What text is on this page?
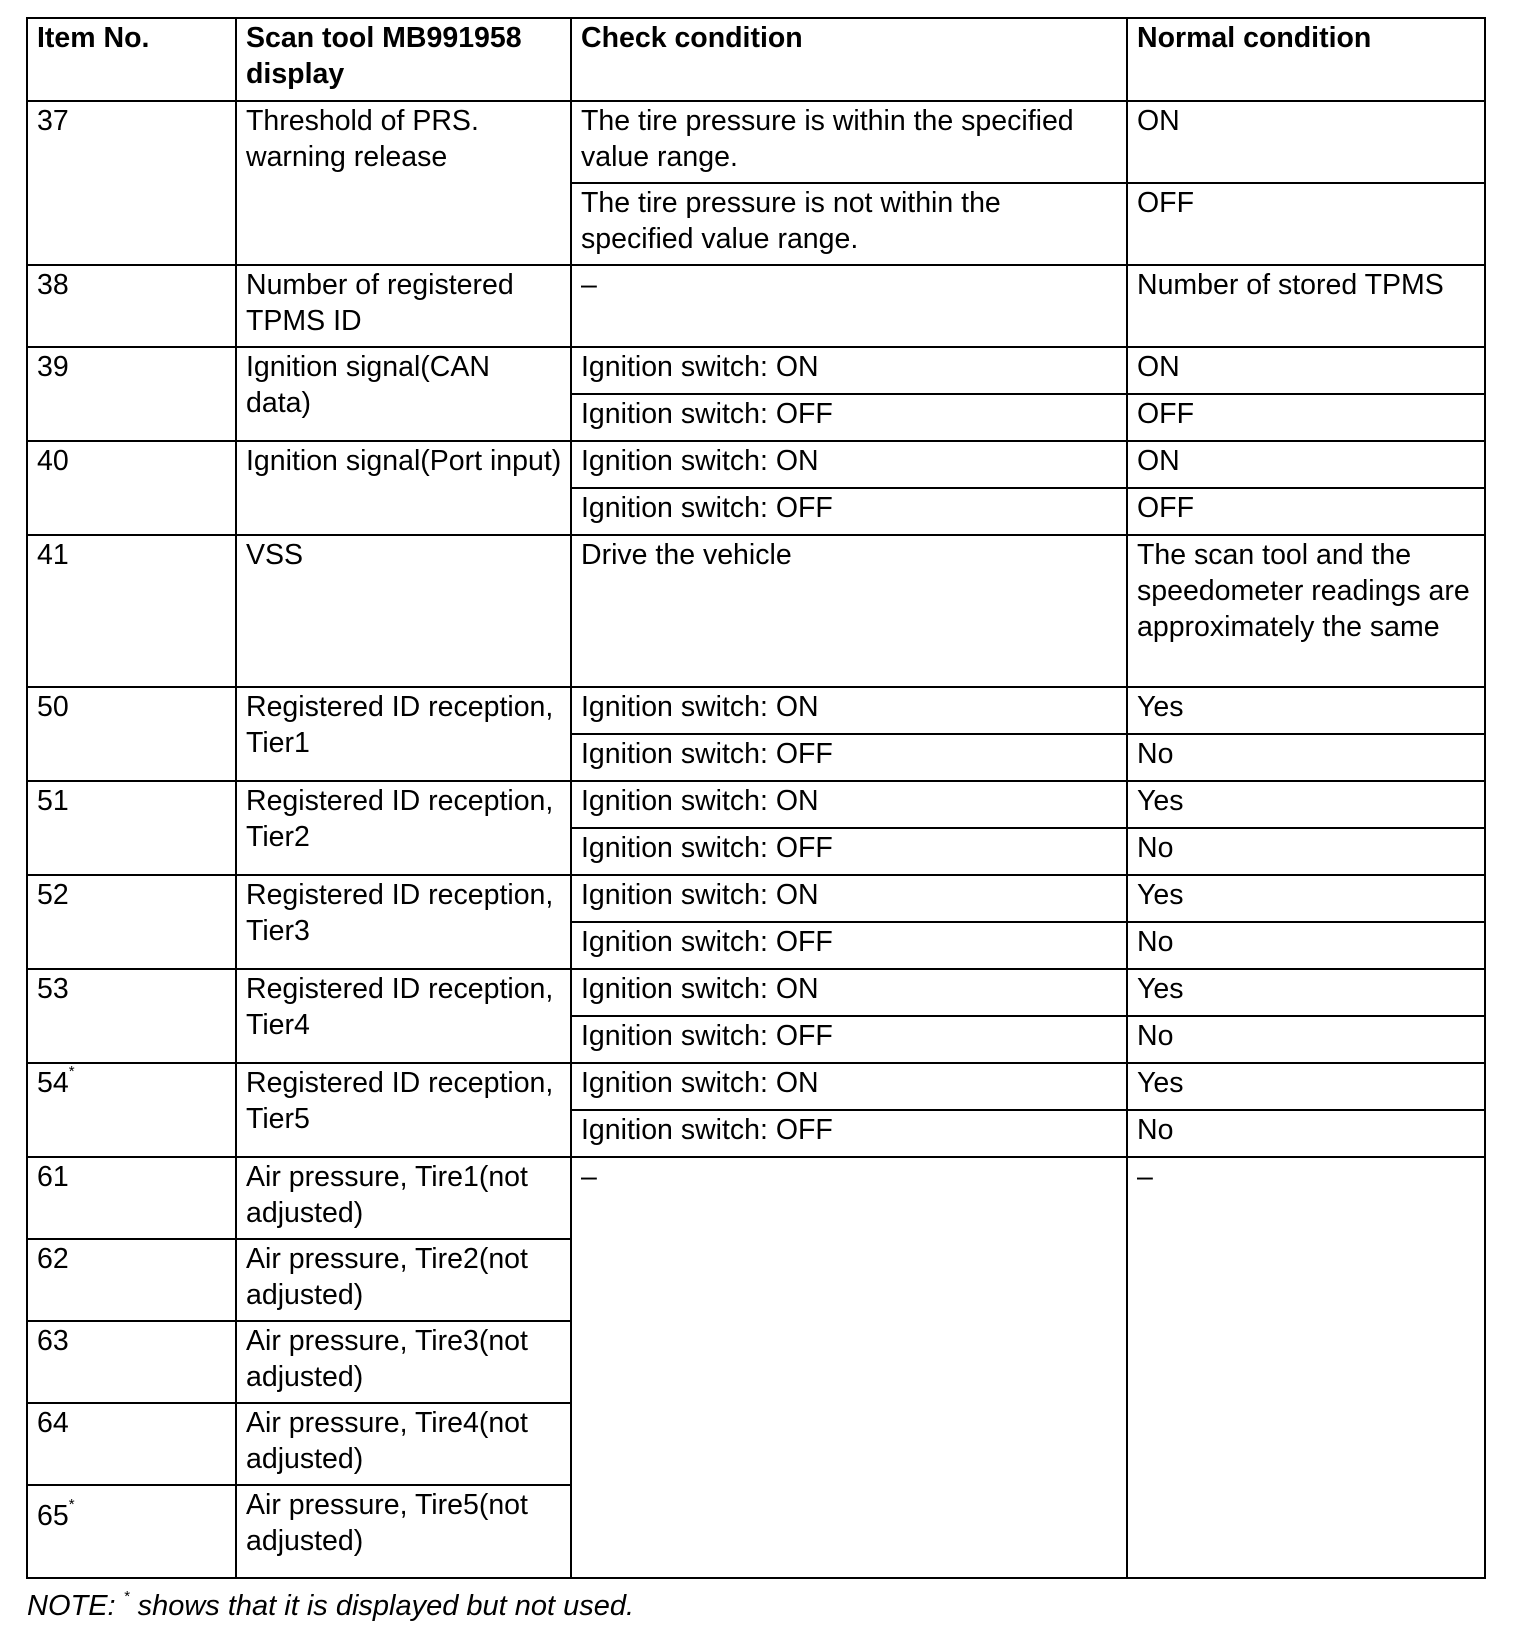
Item No.	Scan tool MB991958 display	Check condition	Normal condition
37	Threshold of PRS. warning release	The tire pressure is within the specified value range.	ON
		The tire pressure is not within the specified value range.	OFF
38	Number of registered TPMS ID	–	Number of stored TPMS
39	Ignition signal(CAN data)	Ignition switch: ON	ON
		Ignition switch: OFF	OFF
40	Ignition signal(Port input)	Ignition switch: ON	ON
		Ignition switch: OFF	OFF
41	VSS	Drive the vehicle	The scan tool and the speedometer readings are approximately the same
50	Registered ID reception, Tier1	Ignition switch: ON	Yes
		Ignition switch: OFF	No
51	Registered ID reception, Tier2	Ignition switch: ON	Yes
		Ignition switch: OFF	No
52	Registered ID reception, Tier3	Ignition switch: ON	Yes
		Ignition switch: OFF	No
53	Registered ID reception, Tier4	Ignition switch: ON	Yes
		Ignition switch: OFF	No
54*	Registered ID reception, Tier5	Ignition switch: ON	Yes
		Ignition switch: OFF	No
61	Air pressure, Tire1(not adjusted)	–	–
62	Air pressure, Tire2(not adjusted)		
63	Air pressure, Tire3(not adjusted)		
64	Air pressure, Tire4(not adjusted)		
65*	Air pressure, Tire5(not adjusted)		
NOTE: * shows that it is displayed but not used.
